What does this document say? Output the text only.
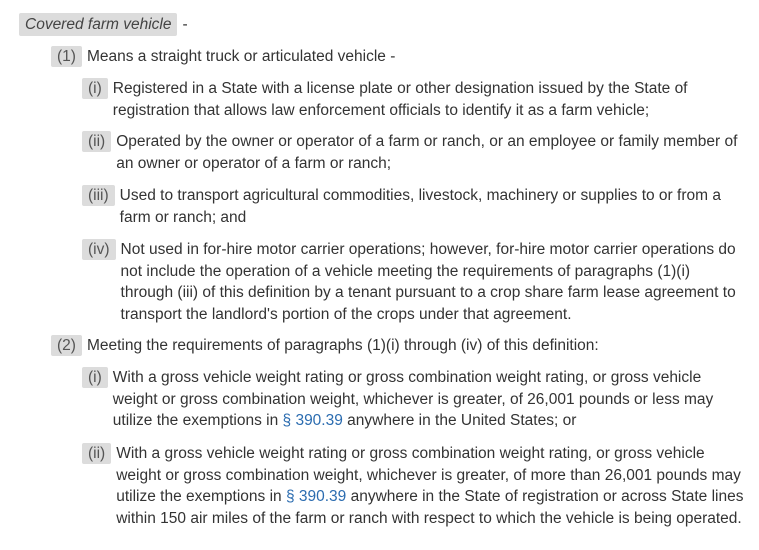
Covered farm vehicle -
(1) Means a straight truck or articulated vehicle -
(i) Registered in a State with a license plate or other designation issued by the State of registration that allows law enforcement officials to identify it as a farm vehicle;
(ii) Operated by the owner or operator of a farm or ranch, or an employee or family member of an owner or operator of a farm or ranch;
(iii) Used to transport agricultural commodities, livestock, machinery or supplies to or from a farm or ranch; and
(iv) Not used in for-hire motor carrier operations; however, for-hire motor carrier operations do not include the operation of a vehicle meeting the requirements of paragraphs (1)(i) through (iii) of this definition by a tenant pursuant to a crop share farm lease agreement to transport the landlord's portion of the crops under that agreement.
(2) Meeting the requirements of paragraphs (1)(i) through (iv) of this definition:
(i) With a gross vehicle weight rating or gross combination weight rating, or gross vehicle weight or gross combination weight, whichever is greater, of 26,001 pounds or less may utilize the exemptions in § 390.39 anywhere in the United States; or
(ii) With a gross vehicle weight rating or gross combination weight rating, or gross vehicle weight or gross combination weight, whichever is greater, of more than 26,001 pounds may utilize the exemptions in § 390.39 anywhere in the State of registration or across State lines within 150 air miles of the farm or ranch with respect to which the vehicle is being operated.
